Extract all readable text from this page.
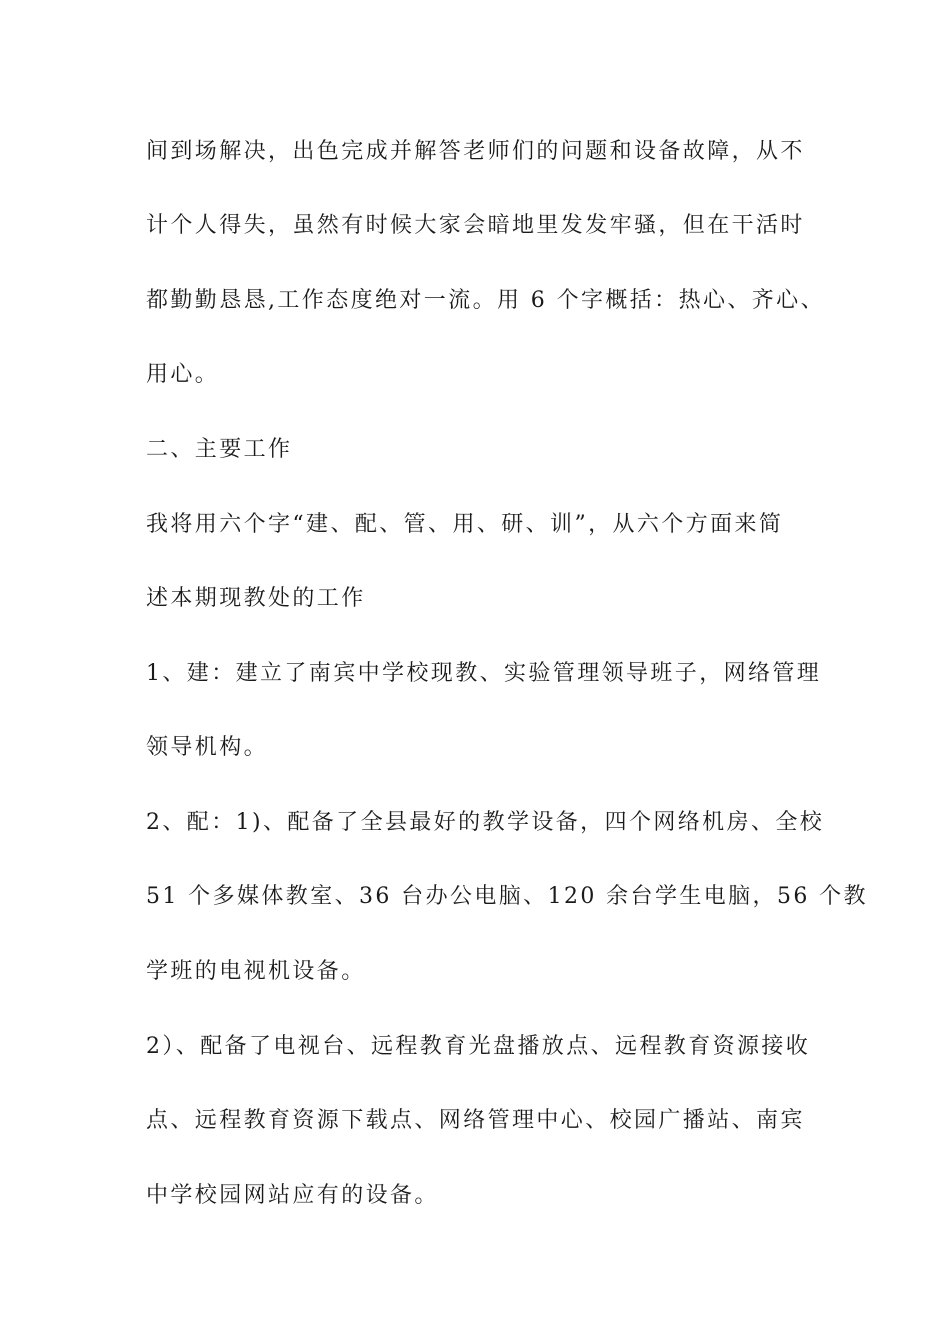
间到场解决，出色完成并解答老师们的问题和设备故障，从不
计个人得失，虽然有时候大家会暗地里发发牢骚，但在干活时
都勤勤恳恳,工作态度绝对一流。用 6 个字概括：热心、齐心、
用心。
二、主要工作
我将用六个字“建、配、管、用、研、训”，从六个方面来简
述本期现教处的工作
1、建：建立了南宾中学校现教、实验管理领导班子，网络管理
领导机构。
2、配：1)、配备了全县最好的教学设备，四个网络机房、全校
51 个多媒体教室、36 台办公电脑、120 余台学生电脑，56 个教
学班的电视机设备。
2）、配备了电视台、远程教育光盘播放点、远程教育资源接收
点、远程教育资源下载点、网络管理中心、校园广播站、南宾
中学校园网站应有的设备。
